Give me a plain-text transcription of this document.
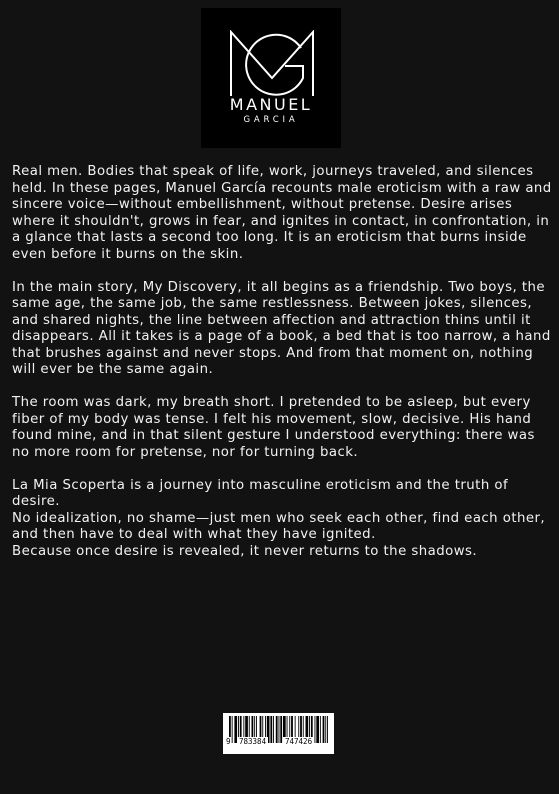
MANUEL
GARCIA

Real men. Bodies that speak of life, work, journeys traveled, and silences held. In these pages, Manuel García recounts male eroticism with a raw and sincere voice—without embellishment, without pretense. Desire arises where it shouldn't, grows in fear, and ignites in contact, in confrontation, in a glance that lasts a second too long. It is an eroticism that burns inside even before it burns on the skin.

In the main story, My Discovery, it all begins as a friendship. Two boys, the same age, the same job, the same restlessness. Between jokes, silences, and shared nights, the line between affection and attraction thins until it disappears. All it takes is a page of a book, a bed that is too narrow, a hand that brushes against and never stops. And from that moment on, nothing will ever be the same again.

The room was dark, my breath short. I pretended to be asleep, but every fiber of my body was tense. I felt his movement, slow, decisive. His hand found mine, and in that silent gesture I understood everything: there was no more room for pretense, nor for turning back.

La Mia Scoperta is a journey into masculine eroticism and the truth of desire.
No idealization, no shame—just men who seek each other, find each other, and then have to deal with what they have ignited.
Because once desire is revealed, it never returns to the shadows.

9 783384	747426
